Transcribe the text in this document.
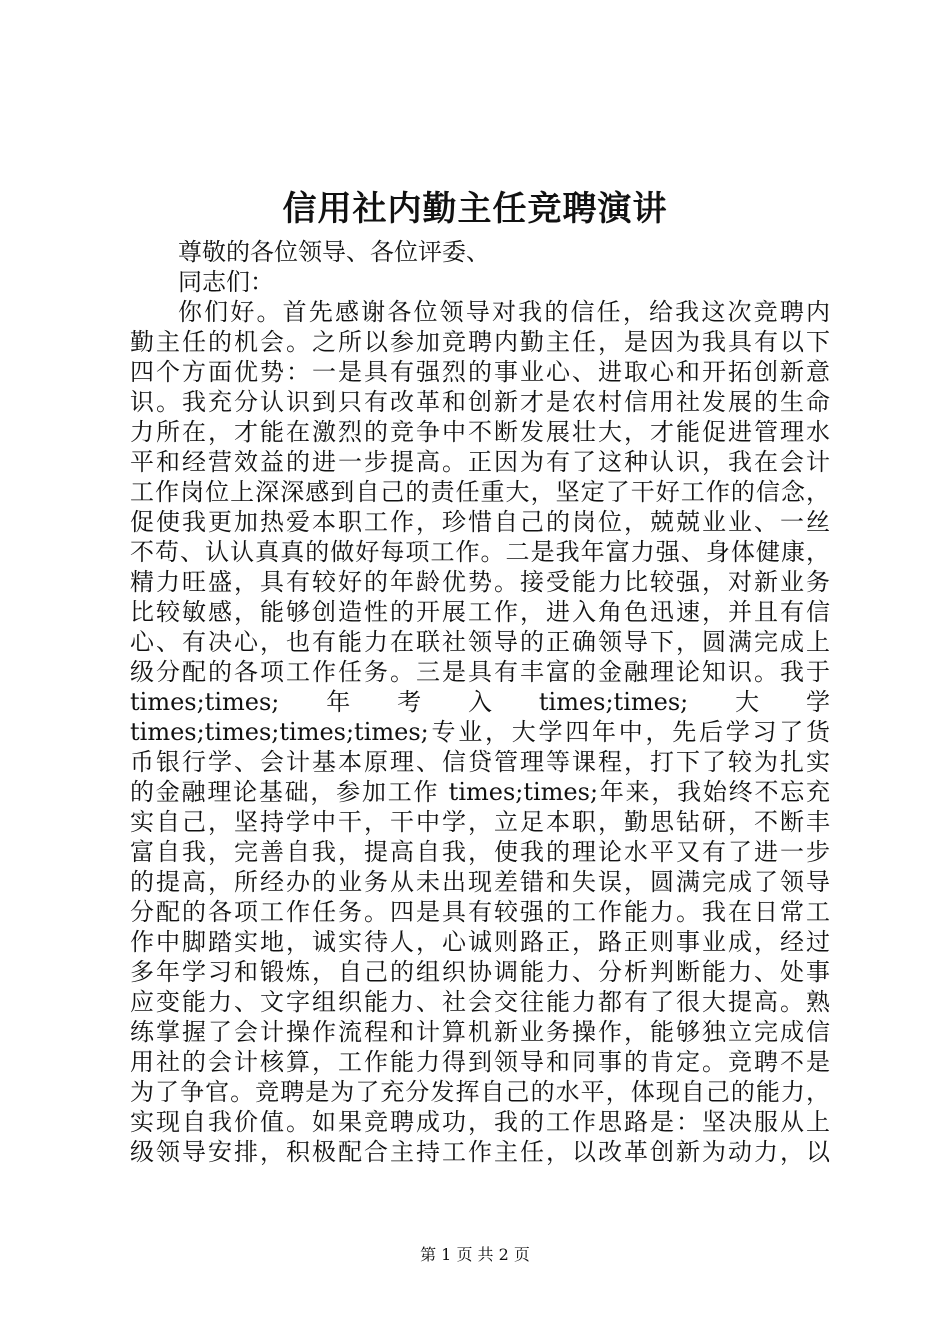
信用社内勤主任竞聘演讲
尊敬的各位领导、各位评委、
同志们：
你们好。首先感谢各位领导对我的信任，给我这次竞聘内
勤主任的机会。之所以参加竞聘内勤主任，是因为我具有以下
四个方面优势：一是具有强烈的事业心、进取心和开拓创新意
识。我充分认识到只有改革和创新才是农村信用社发展的生命
力所在，才能在激烈的竞争中不断发展壮大，才能促进管理水
平和经营效益的进一步提高。正因为有了这种认识，我在会计
工作岗位上深深感到自己的责任重大，坚定了干好工作的信念，
促使我更加热爱本职工作，珍惜自己的岗位，兢兢业业、一丝
不苟、认认真真的做好每项工作。二是我年富力强、身体健康，
精力旺盛，具有较好的年龄优势。接受能力比较强，对新业务
比较敏感，能够创造性的开展工作，进入角色迅速，并且有信
心、有决心，也有能力在联社领导的正确领导下，圆满完成上
级分配的各项工作任务。三是具有丰富的金融理论知识。我于
times;times;　年　考　入　times;times;　大　学
times;times;times;times;专业，大学四年中，先后学习了货
币银行学、会计基本原理、信贷管理等课程，打下了较为扎实
的金融理论基础，参加工作 times;times;年来，我始终不忘充
实自己，坚持学中干，干中学，立足本职，勤思钻研，不断丰
富自我，完善自我，提高自我，使我的理论水平又有了进一步
的提高，所经办的业务从未出现差错和失误，圆满完成了领导
分配的各项工作任务。四是具有较强的工作能力。我在日常工
作中脚踏实地，诚实待人，心诚则路正，路正则事业成，经过
多年学习和锻炼，自己的组织协调能力、分析判断能力、处事
应变能力、文字组织能力、社会交往能力都有了很大提高。熟
练掌握了会计操作流程和计算机新业务操作，能够独立完成信
用社的会计核算，工作能力得到领导和同事的肯定。竞聘不是
为了争官。竞聘是为了充分发挥自己的水平，体现自己的能力，
实现自我价值。如果竞聘成功，我的工作思路是：坚决服从上
级领导安排，积极配合主持工作主任，以改革创新为动力，以
第 1 页 共 2 页
